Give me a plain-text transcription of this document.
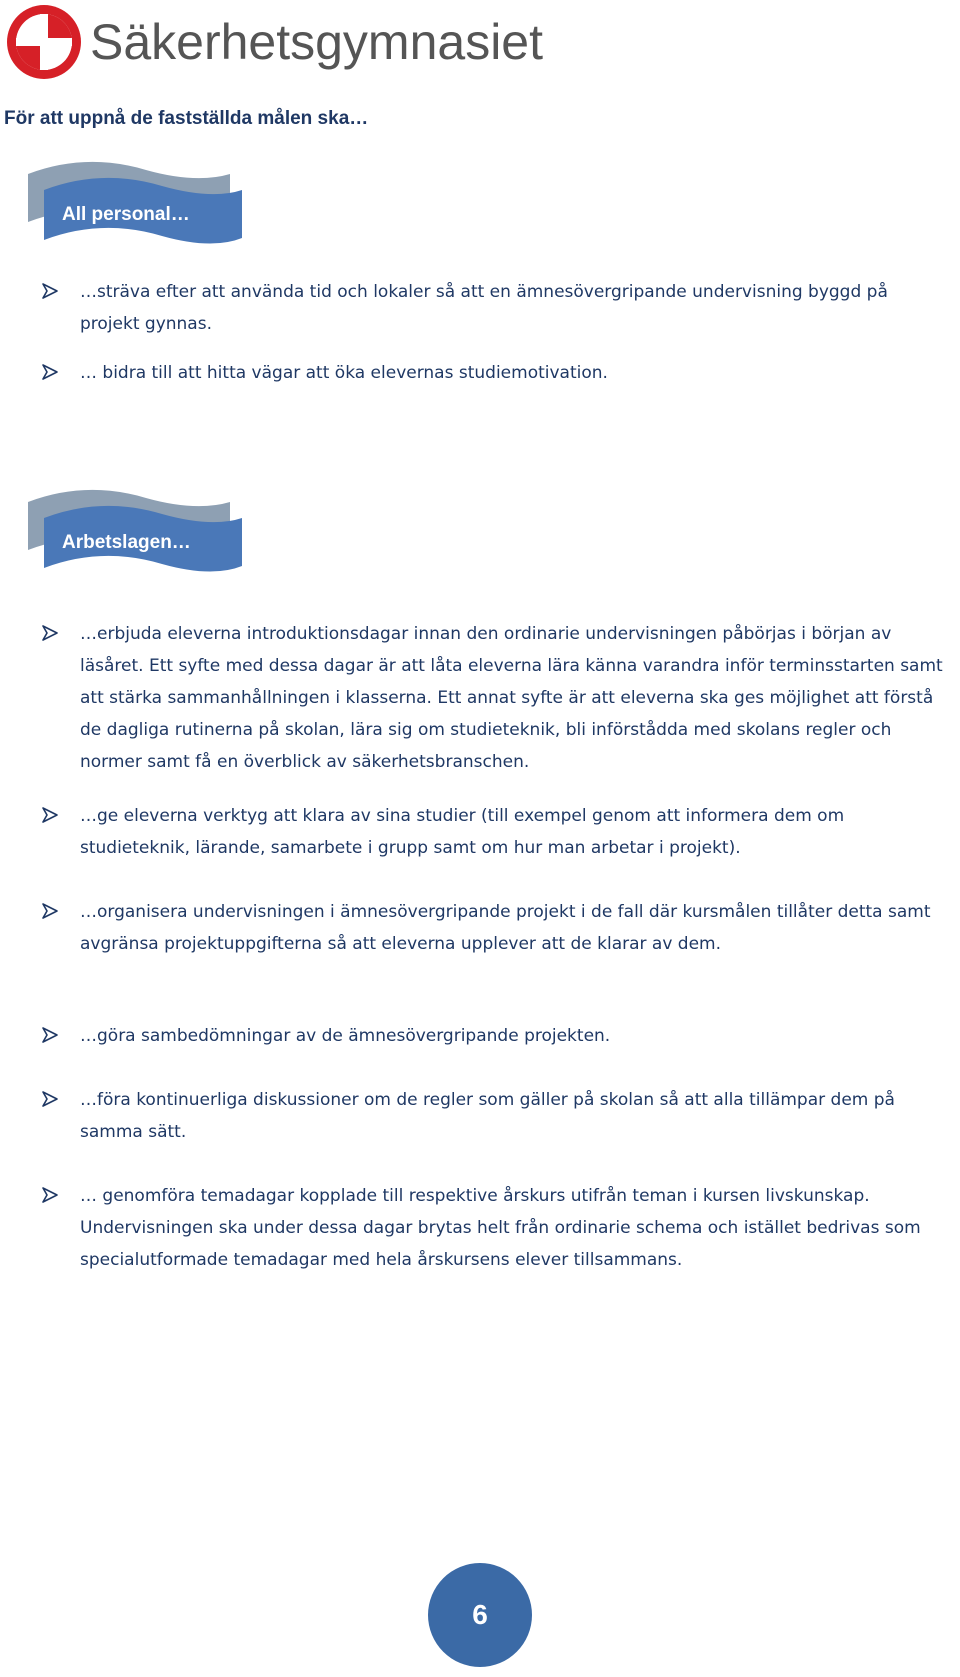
Säkerhetsgymnasiet

För att uppnå de fastställda målen ska…

All personal…

…sträva efter att använda tid och lokaler så att en ämnesövergripande undervisning byggd på projekt gynnas.

… bidra till att hitta vägar att öka elevernas studiemotivation.

Arbetslagen…

…erbjuda eleverna introduktionsdagar innan den ordinarie undervisningen påbörjas i början av läsåret. Ett syfte med dessa dagar är att låta eleverna lära känna varandra inför terminsstarten samt att stärka sammanhållningen i klasserna. Ett annat syfte är att eleverna ska ges möjlighet att förstå de dagliga rutinerna på skolan, lära sig om studieteknik, bli införstådda med skolans regler och normer samt få en överblick av säkerhetsbranschen.

…ge eleverna verktyg att klara av sina studier (till exempel genom att informera dem om studieteknik, lärande, samarbete i grupp samt om hur man arbetar i projekt).

…organisera undervisningen i ämnesövergripande projekt i de fall där kursmålen tillåter detta samt avgränsa projektuppgifterna så att eleverna upplever att de klarar av dem.

…göra sambedömningar av de ämnesövergripande projekten.

…föra kontinuerliga diskussioner om de regler som gäller på skolan så att alla tillämpar dem på samma sätt.

… genomföra temadagar kopplade till respektive årskurs utifrån teman i kursen livskunskap. Undervisningen ska under dessa dagar brytas helt från ordinarie schema och istället bedrivas som specialutformade temadagar med hela årskursens elever tillsammans.

6
